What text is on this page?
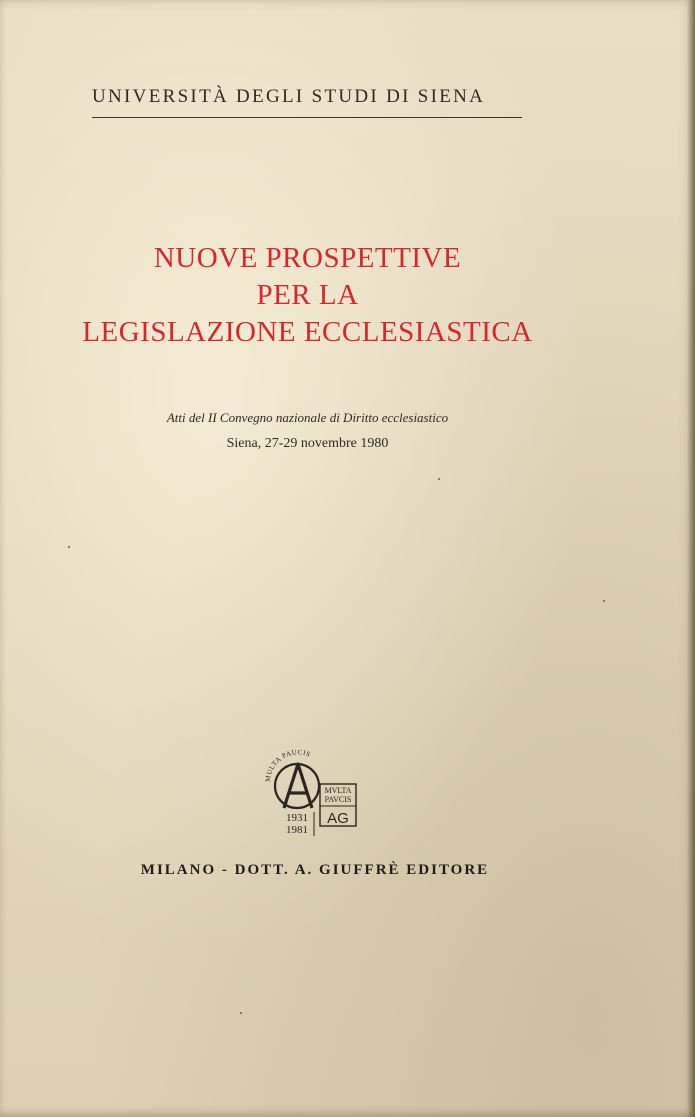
UNIVERSITÀ DEGLI STUDI DI SIENA
NUOVE PROSPETTIVE
PER LA
LEGISLAZIONE ECCLESIASTICA

Atti del II Convegno nazionale di Diritto ecclesiastico

Siena, 27-29 novembre 1980

MULTA PAUCIS
MVLTA
PAVCIS
AG
1931
1981

MILANO - DOTT. A. GIUFFRÈ EDITORE
